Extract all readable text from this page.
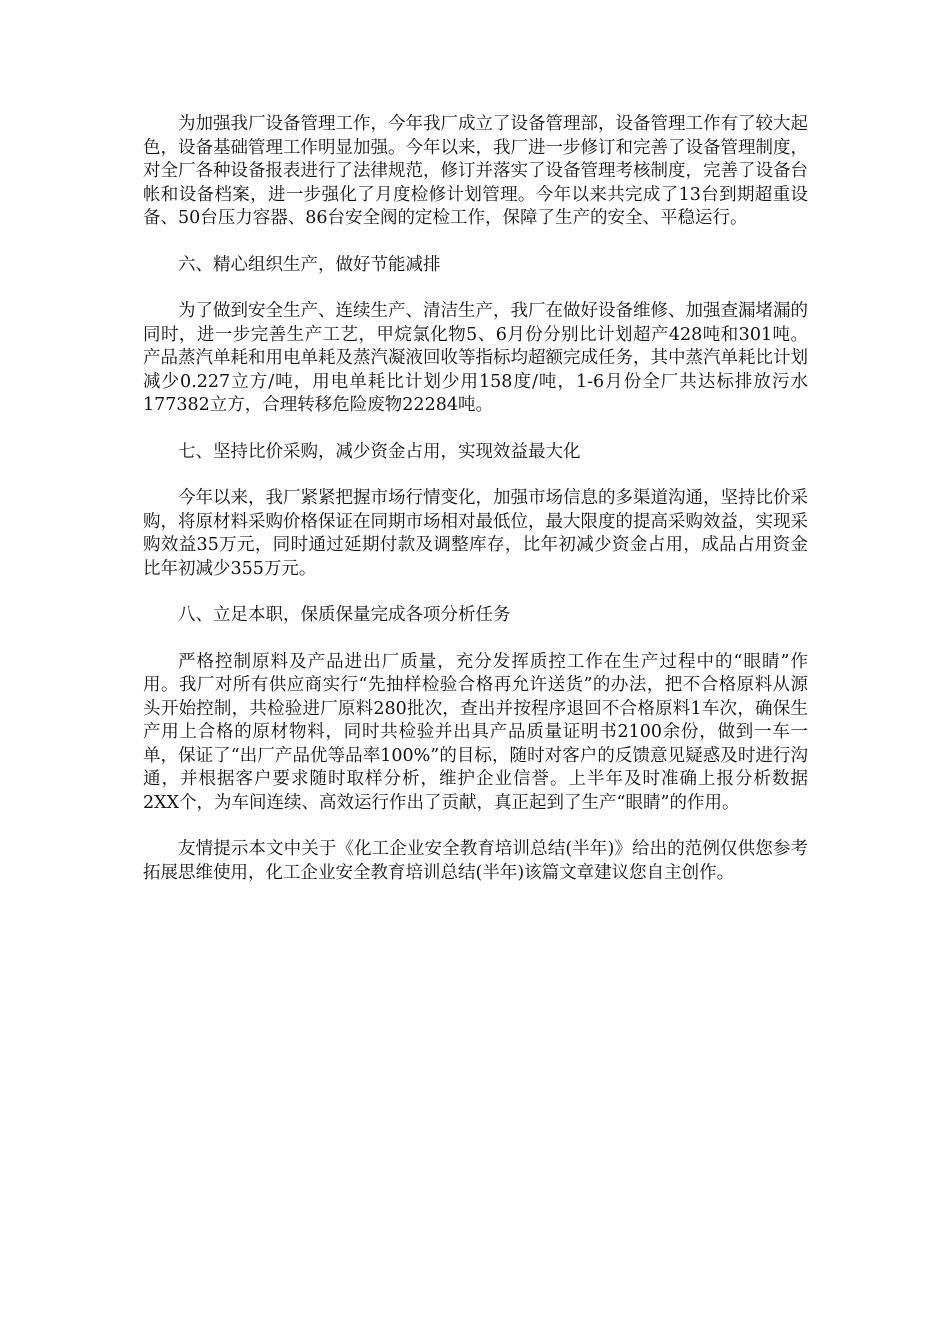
为加强我厂设备管理工作，今年我厂成立了设备管理部，设备管理工作有了较大起色，设备基础管理工作明显加强。今年以来，我厂进一步修订和完善了设备管理制度，对全厂各种设备报表进行了法律规范，修订并落实了设备管理考核制度，完善了设备台帐和设备档案，进一步强化了月度检修计划管理。今年以来共完成了13台到期超重设备、50台压力容器、86台安全阀的定检工作，保障了生产的安全、平稳运行。

六、精心组织生产，做好节能减排

为了做到安全生产、连续生产、清洁生产，我厂在做好设备维修、加强查漏堵漏的同时，进一步完善生产工艺，甲烷氯化物5、6月份分别比计划超产428吨和301吨。产品蒸汽单耗和用电单耗及蒸汽凝液回收等指标均超额完成任务，其中蒸汽单耗比计划减少0.227立方/吨，用电单耗比计划少用158度/吨，1-6月份全厂共达标排放污水177382立方，合理转移危险废物22284吨。

七、坚持比价采购，减少资金占用，实现效益最大化

今年以来，我厂紧紧把握市场行情变化，加强市场信息的多渠道沟通，坚持比价采购，将原材料采购价格保证在同期市场相对最低位，最大限度的提高采购效益，实现采购效益35万元，同时通过延期付款及调整库存，比年初减少资金占用，成品占用资金比年初减少355万元。

八、立足本职，保质保量完成各项分析任务

严格控制原料及产品进出厂质量，充分发挥质控工作在生产过程中的“眼睛”作用。我厂对所有供应商实行“先抽样检验合格再允许送货”的办法，把不合格原料从源头开始控制，共检验进厂原料280批次，查出并按程序退回不合格原料1车次，确保生产用上合格的原材物料，同时共检验并出具产品质量证明书2100余份，做到一车一单，保证了“出厂产品优等品率100%”的目标，随时对客户的反馈意见疑惑及时进行沟通，并根据客户要求随时取样分析，维护企业信誉。上半年及时准确上报分析数据2XX个，为车间连续、高效运行作出了贡献，真正起到了生产“眼睛”的作用。

友情提示本文中关于《化工企业安全教育培训总结(半年)》给出的范例仅供您参考拓展思维使用，化工企业安全教育培训总结(半年)该篇文章建议您自主创作。
